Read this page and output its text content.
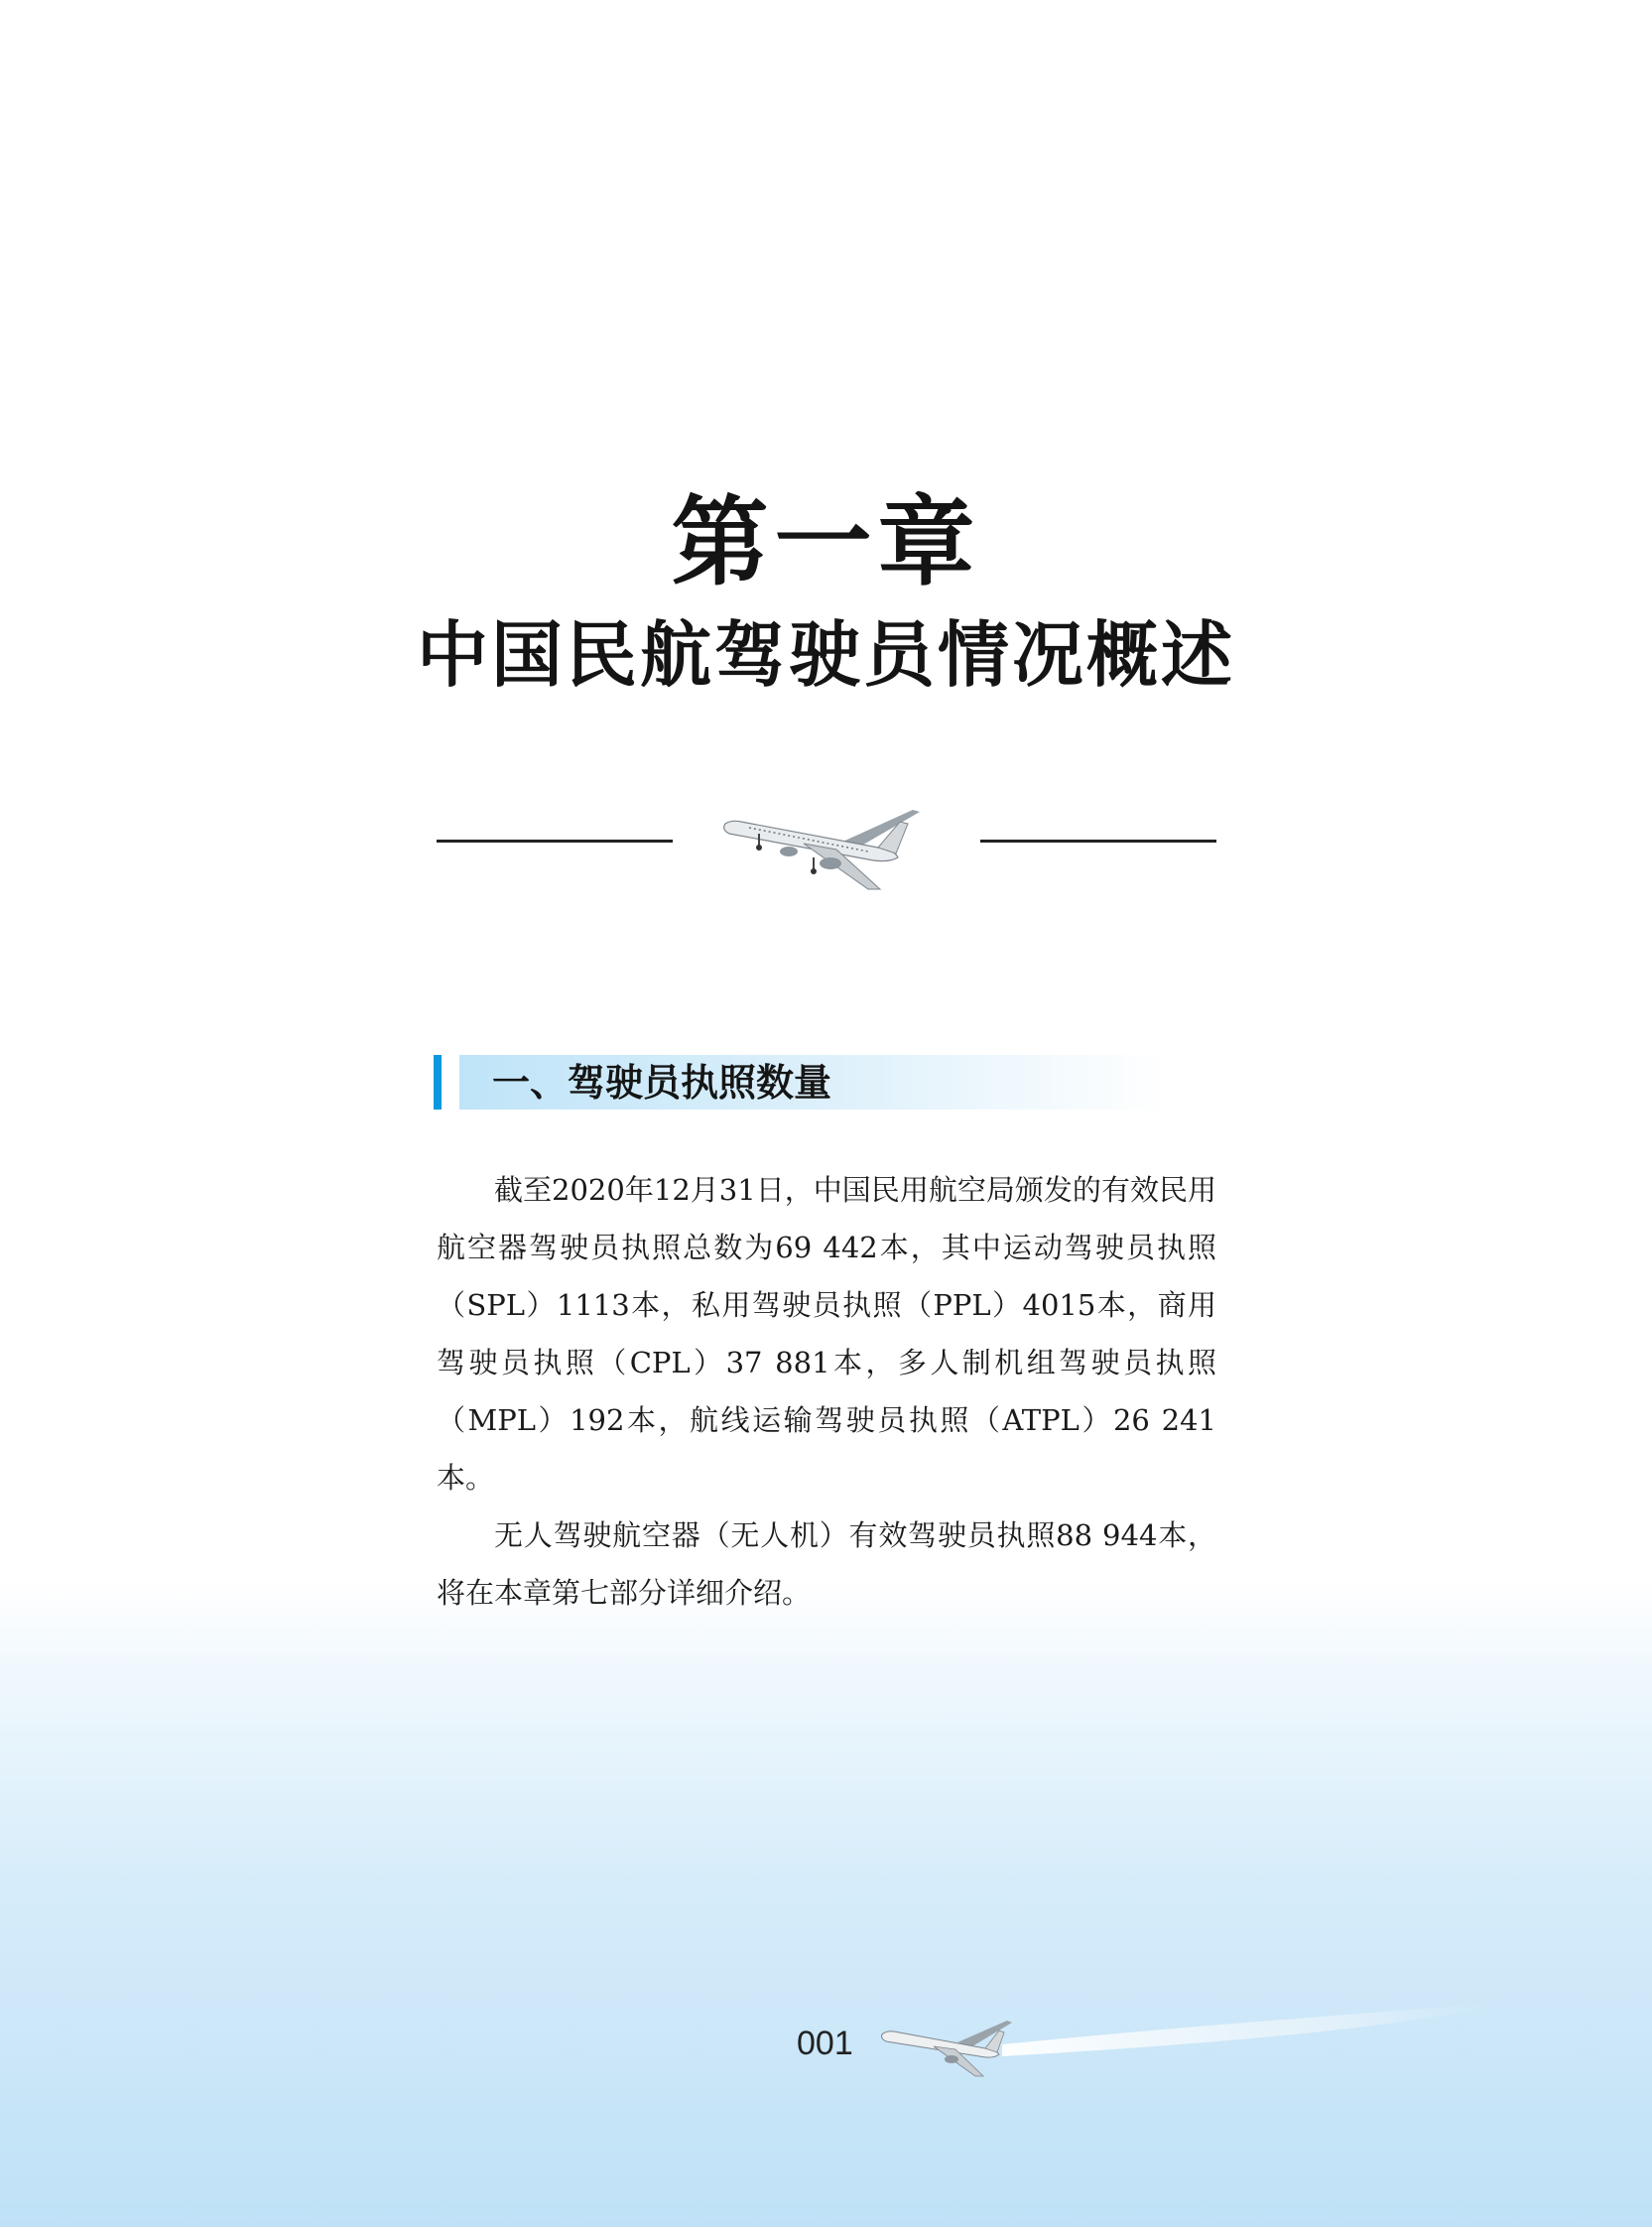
第一章
中国民航驾驶员情况概述
一、驾驶员执照数量

截至2020年12月31日，中国民用航空局颁发的有效民用航空器驾驶员执照总数为69 442本，其中运动驾驶员执照（SPL）1113本，私用驾驶员执照（PPL）4015本，商用驾驶员执照（CPL）37 881本，多人制机组驾驶员执照（MPL）192本，航线运输驾驶员执照（ATPL）26 241本。

无人驾驶航空器（无人机）有效驾驶员执照88 944本，将在本章第七部分详细介绍。

001
